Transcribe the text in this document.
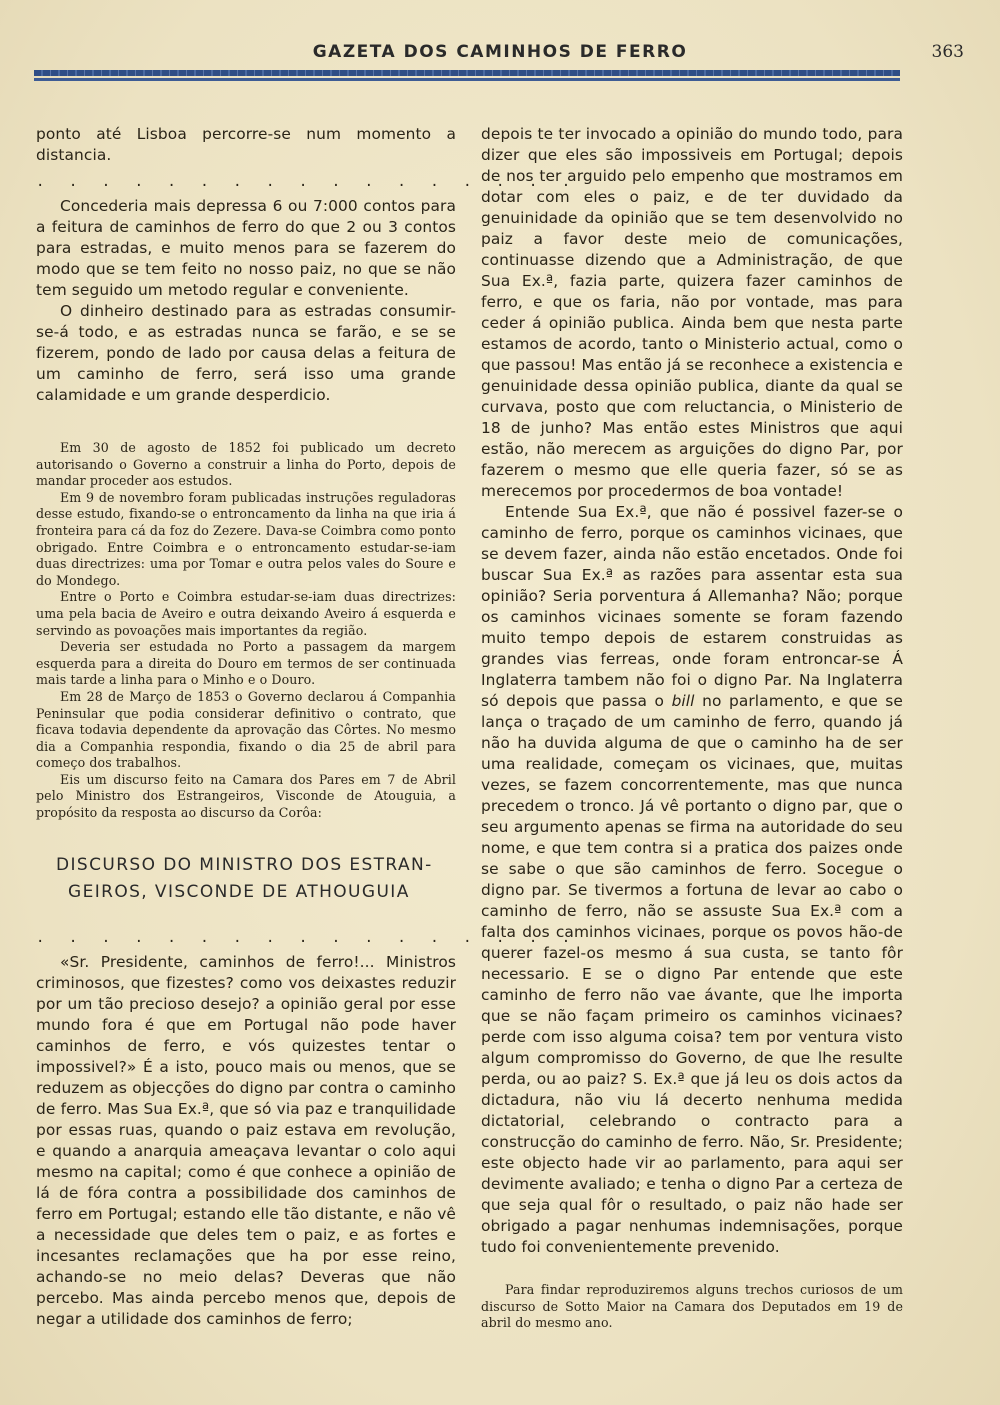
GAZETA DOS CAMINHOS DE FERRO	363

ponto até Lisboa percorre-se num momento a distancia.

. . . . . . . . . . . . . . . . .

Concederia mais depressa 6 ou 7:000 contos para a feitura de caminhos de ferro do que 2 ou 3 contos para estradas, e muito menos para se fazerem do modo que se tem feito no nosso paiz, no que se não tem seguido um metodo regular e conveniente.

O dinheiro destinado para as estradas consumir-se-á todo, e as estradas nunca se farão, e se se fizerem, pondo de lado por causa delas a feitura de um caminho de ferro, será isso uma grande calamidade e um grande desperdicio.

Em 30 de agosto de 1852 foi publicado um decreto autorisando o Governo a construir a linha do Porto, depois de mandar proceder aos estudos.

Em 9 de novembro foram publicadas instruções reguladoras desse estudo, fixando-se o entroncamento da linha na que iria á fronteira para cá da foz do Zezere. Dava-se Coimbra como ponto obrigado. Entre Coimbra e o entroncamento estudar-se-iam duas directrizes: uma por Tomar e outra pelos vales do Soure e do Mondego.

Entre o Porto e Coimbra estudar-se-iam duas directrizes: uma pela bacia de Aveiro e outra deixando Aveiro á esquerda e servindo as povoações mais importantes da região.

Deveria ser estudada no Porto a passagem da margem esquerda para a direita do Douro em termos de ser continuada mais tarde a linha para o Minho e o Douro.

Em 28 de Março de 1853 o Governo declarou á Companhia Peninsular que podia considerar definitivo o contrato, que ficava todavia dependente da aprovação das Côrtes. No mesmo dia a Companhia respondia, fixando o dia 25 de abril para começo dos trabalhos.

Eis um discurso feito na Camara dos Pares em 7 de Abril pelo Ministro dos Estrangeiros, Visconde de Atouguia, a propósito da resposta ao discurso da Corôa:

DISCURSO DO MINISTRO DOS ESTRAN-

GEIROS, VISCONDE DE ATHOUGUIA

. . . . . . . . . . . . . . . . .

«Sr. Presidente, caminhos de ferro!... Ministros criminosos, que fizestes? como vos deixastes reduzir por um tão precioso desejo? a opinião geral por esse mundo fora é que em Portugal não pode haver caminhos de ferro, e vós quizestes tentar o impossivel?» É a isto, pouco mais ou menos, que se reduzem as objecções do digno par contra o caminho de ferro. Mas Sua Ex.ª, que só via paz e tranquilidade por essas ruas, quando o paiz estava em revolução, e quando a anarquia ameaçava levantar o colo aqui mesmo na capital; como é que conhece a opinião de lá de fóra contra a possibilidade dos caminhos de ferro em Portugal; estando elle tão distante, e não vê a necessidade que deles tem o paiz, e as fortes e incesantes reclamações que ha por esse reino, achando-se no meio delas? Deveras que não percebo. Mas ainda percebo menos que, depois de negar a utilidade dos caminhos de ferro;

depois te ter invocado a opinião do mundo todo, para dizer que eles são impossiveis em Portugal; depois de nos ter arguido pelo empenho que mostramos em dotar com eles o paiz, e de ter duvidado da genuinidade da opinião que se tem desenvolvido no paiz a favor deste meio de comunicações, continuasse dizendo que a Administração, de que Sua Ex.ª, fazia parte, quizera fazer caminhos de ferro, e que os faria, não por vontade, mas para ceder á opinião publica. Ainda bem que nesta parte estamos de acordo, tanto o Ministerio actual, como o que passou! Mas então já se reconhece a existencia e genuinidade dessa opinião publica, diante da qual se curvava, posto que com reluctancia, o Ministerio de 18 de junho? Mas então estes Ministros que aqui estão, não merecem as arguições do digno Par, por fazerem o mesmo que elle queria fazer, só se as merecemos por procedermos de boa vontade!

Entende Sua Ex.ª, que não é possivel fazer-se o caminho de ferro, porque os caminhos vicinaes, que se devem fazer, ainda não estão encetados. Onde foi buscar Sua Ex.ª as razões para assentar esta sua opinião? Seria porventura á Allemanha? Não; porque os caminhos vicinaes somente se foram fazendo muito tempo depois de estarem construidas as grandes vias ferreas, onde foram entroncar-se Á Inglaterra tambem não foi o digno Par. Na Inglaterra só depois que passa o bill no parlamento, e que se lança o traçado de um caminho de ferro, quando já não ha duvida alguma de que o caminho ha de ser uma realidade, começam os vicinaes, que, muitas vezes, se fazem concorrentemente, mas que nunca precedem o tronco. Já vê portanto o digno par, que o seu argumento apenas se firma na autoridade do seu nome, e que tem contra si a pratica dos paizes onde se sabe o que são caminhos de ferro. Socegue o digno par. Se tivermos a fortuna de levar ao cabo o caminho de ferro, não se assuste Sua Ex.ª com a falta dos caminhos vicinaes, porque os povos hão-de querer fazel-os mesmo á sua custa, se tanto fôr necessario. E se o digno Par entende que este caminho de ferro não vae ávante, que lhe importa que se não façam primeiro os caminhos vicinaes? perde com isso alguma coisa? tem por ventura visto algum compromisso do Governo, de que lhe resulte perda, ou ao paiz? S. Ex.ª que já leu os dois actos da dictadura, não viu lá decerto nenhuma medida dictatorial, celebrando o contracto para a construcção do caminho de ferro. Não, Sr. Presidente; este objecto hade vir ao parlamento, para aqui ser devimente avaliado; e tenha o digno Par a certeza de que seja qual fôr o resultado, o paiz não hade ser obrigado a pagar nenhumas indemnisações, porque tudo foi convenientemente prevenido.

Para findar reproduziremos alguns trechos curiosos de um discurso de Sotto Maior na Camara dos Deputados em 19 de abril do mesmo ano.
